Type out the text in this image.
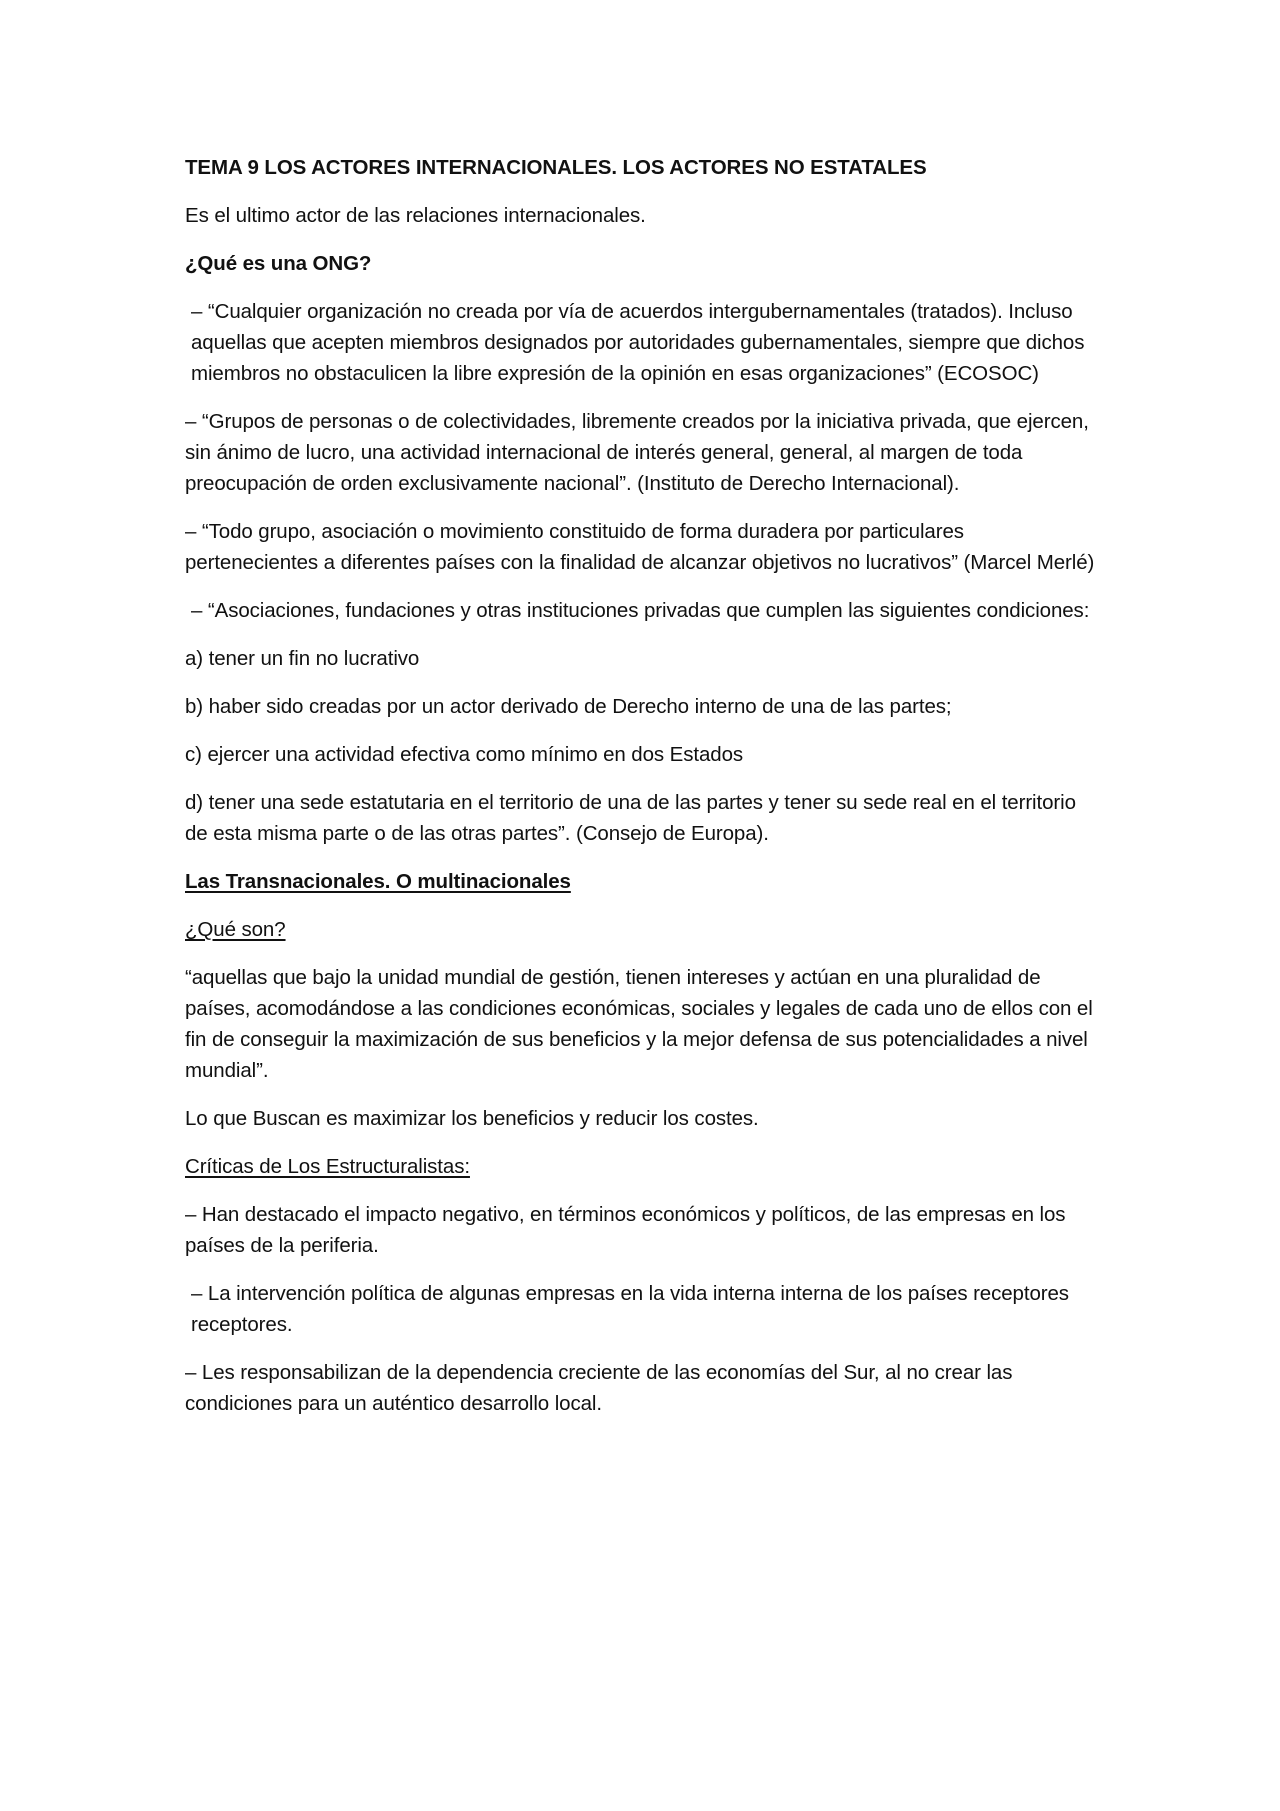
TEMA 9 LOS ACTORES INTERNACIONALES. LOS ACTORES NO ESTATALES

Es el ultimo actor de las relaciones internacionales.

¿Qué es una ONG?

– “Cualquier organización no creada por vía de acuerdos intergubernamentales (tratados). Incluso aquellas que acepten miembros designados por autoridades gubernamentales, siempre que dichos miembros no obstaculicen la libre expresión de la opinión en esas organizaciones” (ECOSOC)

– “Grupos de personas o de colectividades, libremente creados por la iniciativa privada, que ejercen, sin ánimo de lucro, una actividad internacional de interés general, general, al margen de toda preocupación de orden exclusivamente nacional”. (Instituto de Derecho Internacional).

– “Todo grupo, asociación o movimiento constituido de forma duradera por particulares pertenecientes a diferentes países con la finalidad de alcanzar objetivos no lucrativos” (Marcel Merlé)

– “Asociaciones, fundaciones y otras instituciones privadas que cumplen las siguientes condiciones:

a) tener un fin no lucrativo

b) haber sido creadas por un actor derivado de Derecho interno de una de las partes;

c) ejercer una actividad efectiva como mínimo en dos Estados

d) tener una sede estatutaria en el territorio de una de las partes y tener su sede real en el territorio de esta misma parte o de las otras partes”. (Consejo de Europa).

Las Transnacionales. O multinacionales

¿Qué son?

“aquellas que bajo la unidad mundial de gestión, tienen intereses y actúan en una pluralidad de países, acomodándose a las condiciones económicas, sociales y legales de cada uno de ellos con el fin de conseguir la maximización de sus beneficios y la mejor defensa de sus potencialidades a nivel mundial”.

Lo que Buscan es maximizar los beneficios y reducir los costes.

Críticas de Los Estructuralistas:

– Han destacado el impacto negativo, en términos económicos y políticos, de las empresas en los países de la periferia.

– La intervención política de algunas empresas en la vida interna interna de los países receptores receptores.

– Les responsabilizan de la dependencia creciente de las economías del Sur, al no crear las condiciones para un auténtico desarrollo local.
